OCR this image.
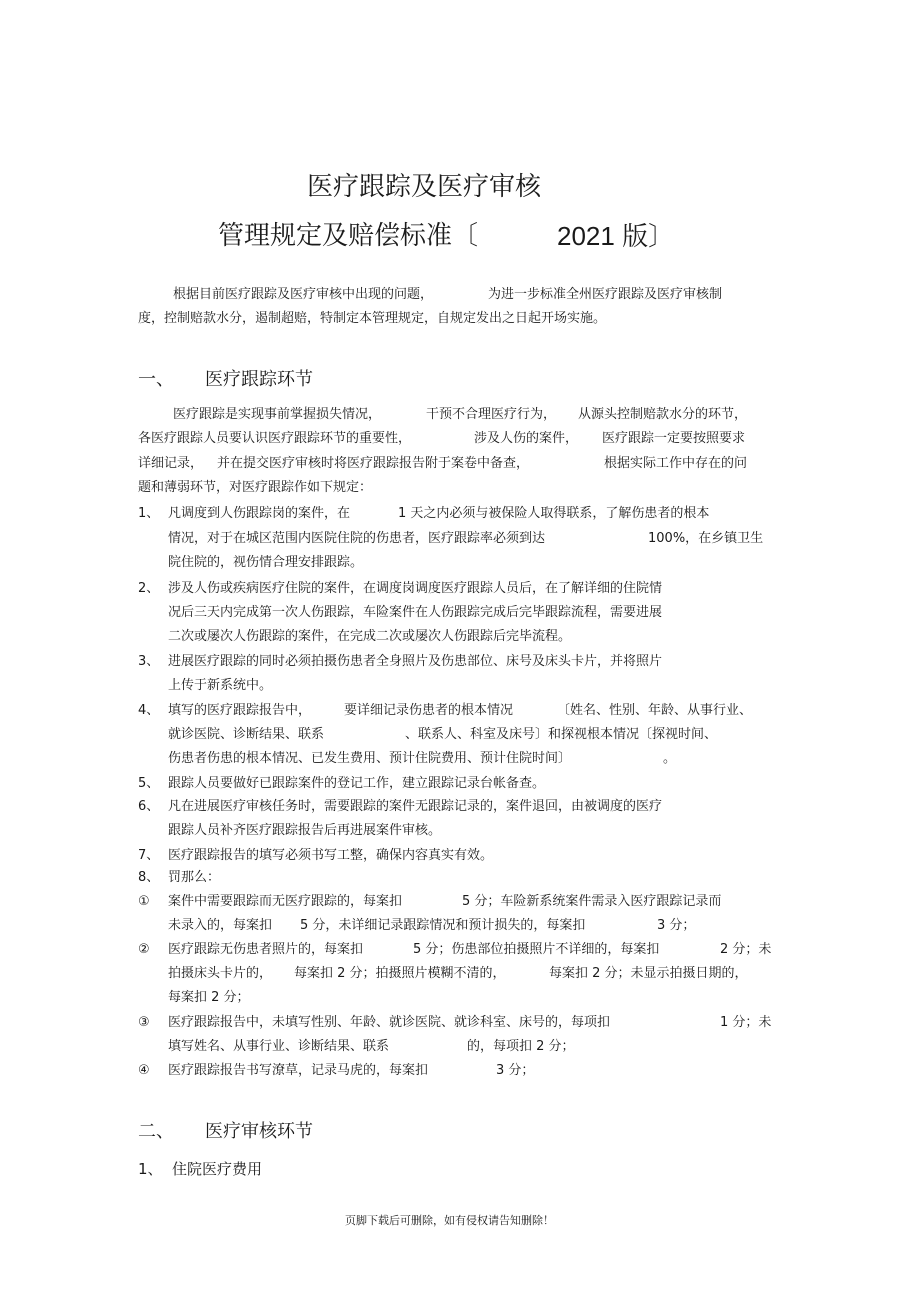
医疗跟踪及医疗审核
管理规定及赔偿标准〔	2021 版〕
根据目前医疗跟踪及医疗审核中出现的问题，	为进一步标准全州医疗跟踪及医疗审核制
度，控制赔款水分，遏制超赔，特制定本管理规定，自规定发出之日起开场实施。
一、 医疗跟踪环节
医疗跟踪是实现事前掌握损失情况，	干预不合理医疗行为， 从源头控制赔款水分的环节，
各医疗跟踪人员要认识医疗跟踪环节的重要性，	涉及人伤的案件， 医疗跟踪一定要按照要求
详细记录， 并在提交医疗审核时将医疗跟踪报告附于案卷中备查，	根据实际工作中存在的问
题和薄弱环节，对医疗跟踪作如下规定：
1、 凡调度到人伤跟踪岗的案件，在	1 天之内必须与被保险人取得联系，了解伤患者的根本
情况，对于在城区范围内医院住院的伤患者，医疗跟踪率必须到达	100%，在乡镇卫生
院住院的，视伤情合理安排跟踪。
2、 涉及人伤或疾病医疗住院的案件，在调度岗调度医疗跟踪人员后，在了解详细的住院情
况后三天内完成第一次人伤跟踪，车险案件在人伤跟踪完成后完毕跟踪流程，需要进展
二次或屡次人伤跟踪的案件，在完成二次或屡次人伤跟踪后完毕流程。
3、 进展医疗跟踪的同时必须拍摄伤患者全身照片及伤患部位、床号及床头卡片，并将照片
上传于新系统中。
4、 填写的医疗跟踪报告中，	要详细记录伤患者的根本情况	〔姓名、性别、年龄、从事行业、
就诊医院、诊断结果、联系	、联系人、科室及床号〕和探视根本情况〔探视时间、
伤患者伤患的根本情况、已发生费用、预计住院费用、预计住院时间〕	。
5、 跟踪人员要做好已跟踪案件的登记工作，建立跟踪记录台帐备查。
6、 凡在进展医疗审核任务时，需要跟踪的案件无跟踪记录的，案件退回，由被调度的医疗
跟踪人员补齐医疗跟踪报告后再进展案件审核。
7、 医疗跟踪报告的填写必须书写工整，确保内容真实有效。
8、 罚那么：
① 案件中需要跟踪而无医疗跟踪的，每案扣	5 分；车险新系统案件需录入医疗跟踪记录而
未录入的，每案扣 5 分，未详细记录跟踪情况和预计损失的，每案扣	3 分；
② 医疗跟踪无伤患者照片的，每案扣	5 分；伤患部位拍摄照片不详细的，每案扣	2 分；未
拍摄床头卡片的， 每案扣 2 分；拍摄照片模糊不清的，	每案扣 2 分；未显示拍摄日期的，
每案扣 2 分；
③ 医疗跟踪报告中，未填写性别、年龄、就诊医院、就诊科室、床号的，每项扣	1 分；未
填写姓名、从事行业、诊断结果、联系	的，每项扣 2 分；
④ 医疗跟踪报告书写潦草，记录马虎的，每案扣	3 分；
二、 医疗审核环节
1、 住院医疗费用
页脚下载后可删除，如有侵权请告知删除！
